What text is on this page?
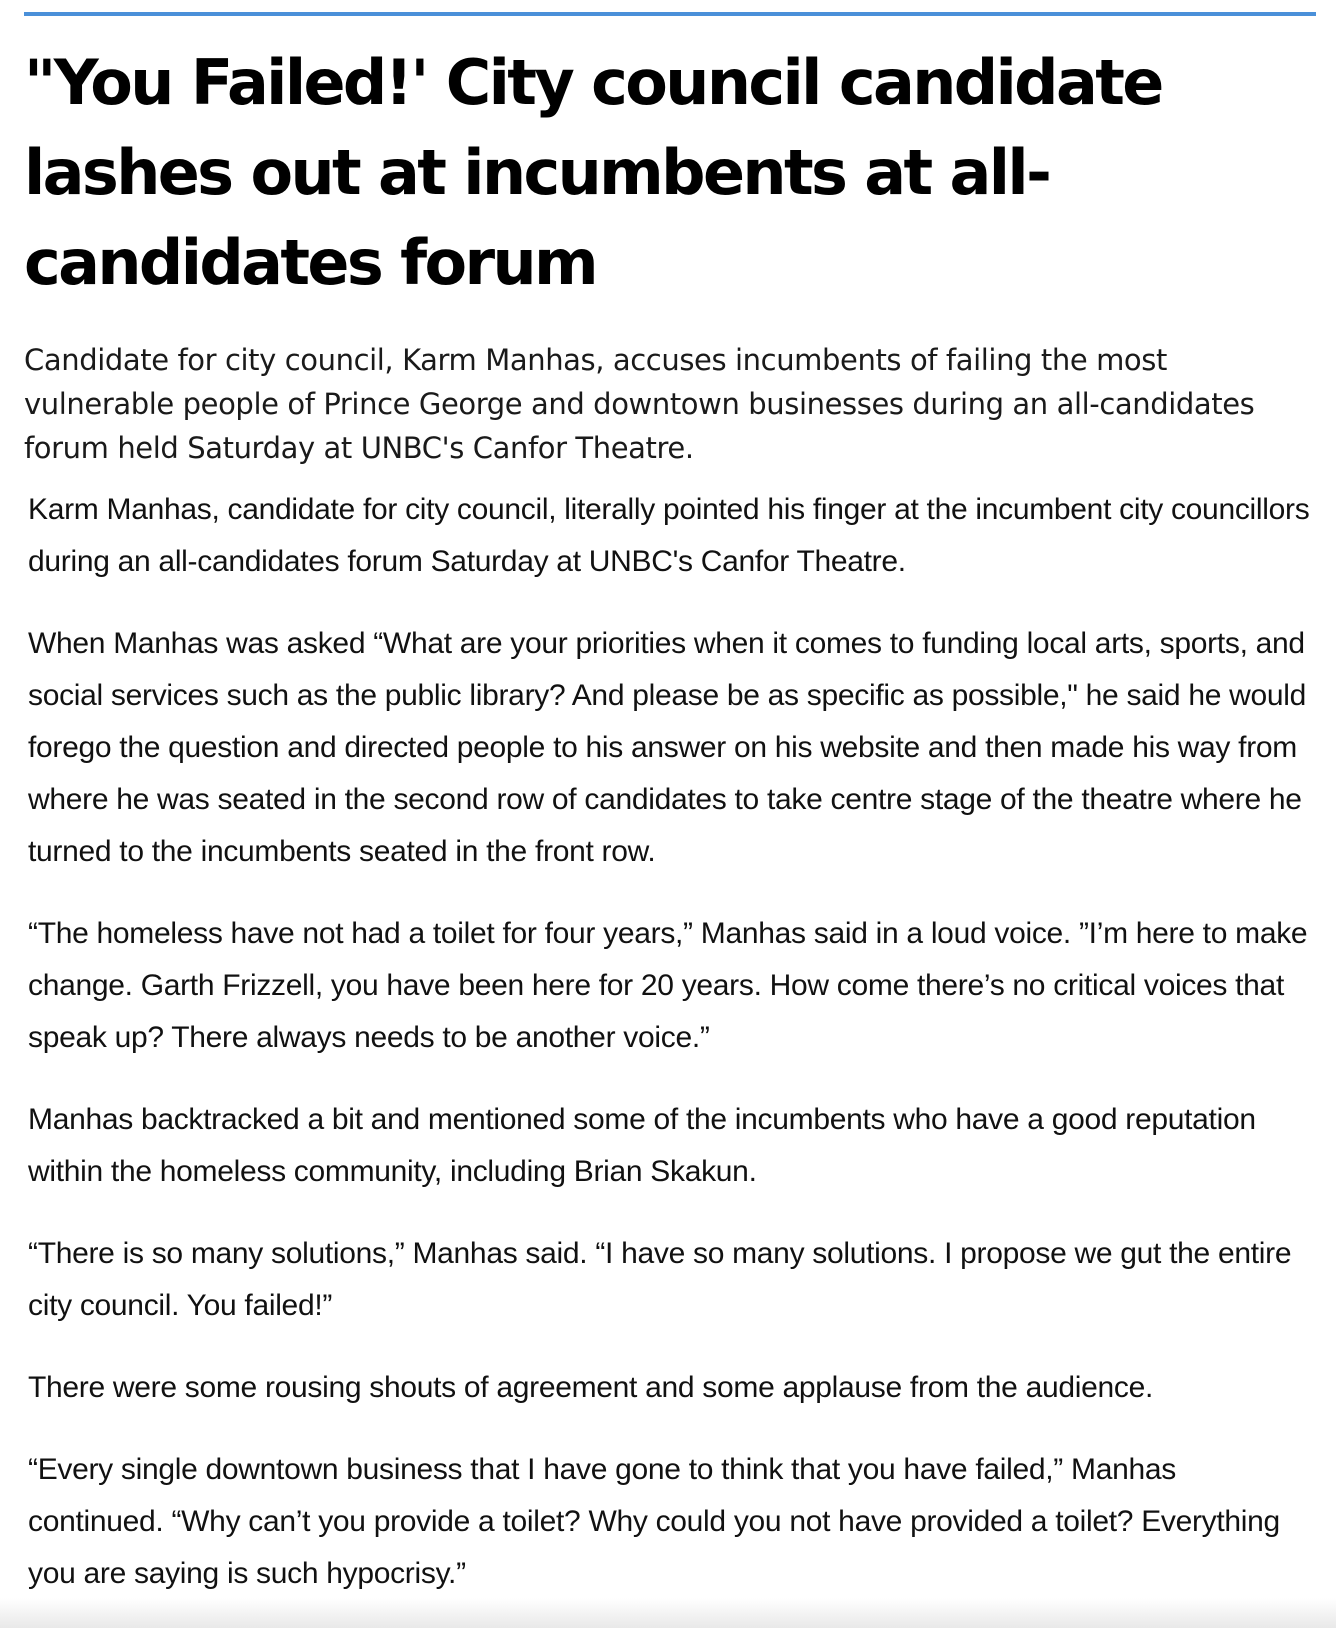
"You Failed!' City council candidate lashes out at incumbents at all-candidates forum
Candidate for city council, Karm Manhas, accuses incumbents of failing the most vulnerable people of Prince George and downtown businesses during an all-candidates forum held Saturday at UNBC's Canfor Theatre.

Karm Manhas, candidate for city council, literally pointed his finger at the incumbent city councillors during an all-candidates forum Saturday at UNBC's Canfor Theatre.

When Manhas was asked “What are your priorities when it comes to funding local arts, sports, and social services such as the public library? And please be as specific as possible," he said he would forego the question and directed people to his answer on his website and then made his way from where he was seated in the second row of candidates to take centre stage of the theatre where he turned to the incumbents seated in the front row.

“The homeless have not had a toilet for four years,” Manhas said in a loud voice. ”I’m here to make change. Garth Frizzell, you have been here for 20 years. How come there’s no critical voices that speak up? There always needs to be another voice.”

Manhas backtracked a bit and mentioned some of the incumbents who have a good reputation within the homeless community, including Brian Skakun.

“There is so many solutions,” Manhas said. “I have so many solutions. I propose we gut the entire city council. You failed!”

There were some rousing shouts of agreement and some applause from the audience.

“Every single downtown business that I have gone to think that you have failed,” Manhas continued. “Why can’t you provide a toilet? Why could you not have provided a toilet? Everything you are saying is such hypocrisy.”
